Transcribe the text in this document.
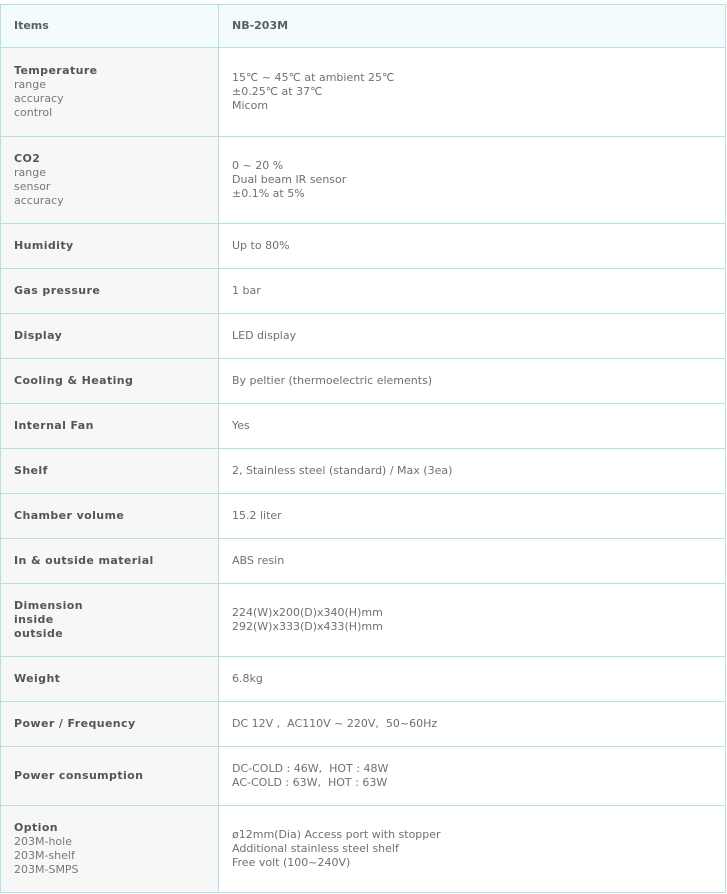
Items	NB-203M

Temperature
range
accuracy
control	15℃ ~ 45℃ at ambient 25℃
±0.25℃ at 37℃
Micom

CO2
range
sensor
accuracy	0 ~ 20 %
Dual beam IR sensor
±0.1% at 5%

Humidity	Up to 80%

Gas pressure	1 bar

Display	LED display

Cooling & Heating	By peltier (thermoelectric elements)

Internal Fan	Yes

Shelf	2, Stainless steel (standard) / Max (3ea)

Chamber volume	15.2 liter

In & outside material	ABS resin

Dimension
inside
outside	224(W)x200(D)x340(H)mm
292(W)x333(D)x433(H)mm

Weight	6.8kg

Power / Frequency	DC 12V ,  AC110V ~ 220V,  50~60Hz

Power consumption	DC-COLD : 46W,  HOT : 48W
AC-COLD : 63W,  HOT : 63W

Option
203M-hole
203M-shelf
203M-SMPS	ø12mm(Dia) Access port with stopper
Additional stainless steel shelf
Free volt (100~240V)
